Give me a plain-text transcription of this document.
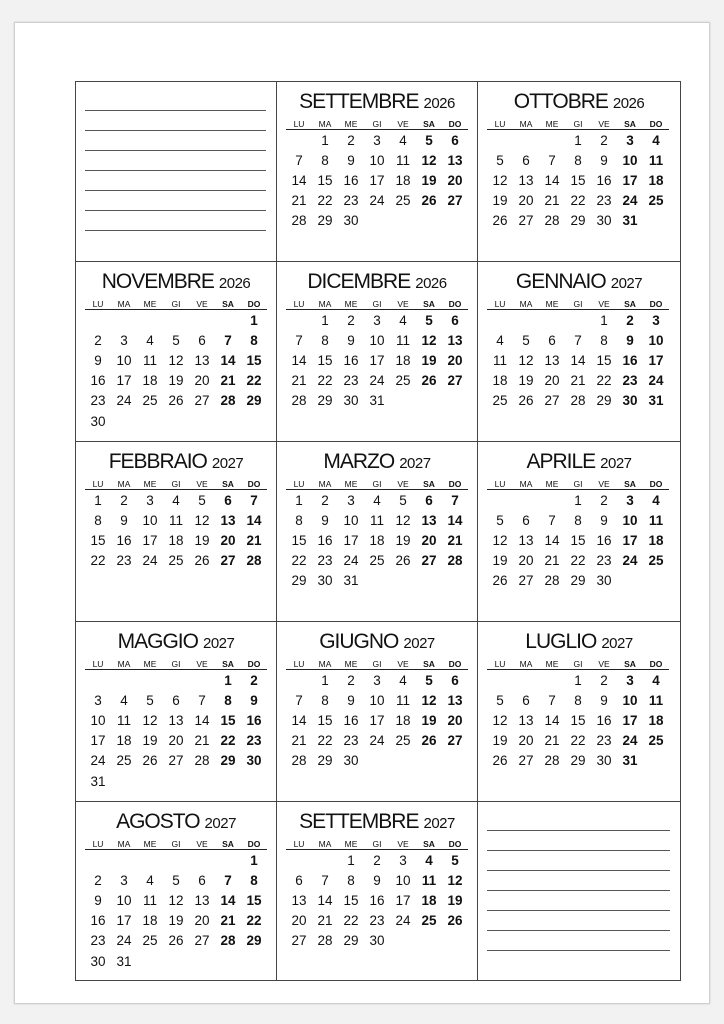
SETTEMBRE 2026
LU	MA	ME	GI	VE	SA	DO
	1	2	3	4	5	6
7	8	9	10	11	12	13
14	15	16	17	18	19	20
21	22	23	24	25	26	27
28	29	30				
OTTOBRE 2026
LU	MA	ME	GI	VE	SA	DO
			1	2	3	4
5	6	7	8	9	10	11
12	13	14	15	16	17	18
19	20	21	22	23	24	25
26	27	28	29	30	31	
NOVEMBRE 2026
LU	MA	ME	GI	VE	SA	DO
						1
2	3	4	5	6	7	8
9	10	11	12	13	14	15
16	17	18	19	20	21	22
23	24	25	26	27	28	29
30						
DICEMBRE 2026
LU	MA	ME	GI	VE	SA	DO
	1	2	3	4	5	6
7	8	9	10	11	12	13
14	15	16	17	18	19	20
21	22	23	24	25	26	27
28	29	30	31			
GENNAIO 2027
LU	MA	ME	GI	VE	SA	DO
				1	2	3
4	5	6	7	8	9	10
11	12	13	14	15	16	17
18	19	20	21	22	23	24
25	26	27	28	29	30	31
FEBBRAIO 2027
LU	MA	ME	GI	VE	SA	DO
1	2	3	4	5	6	7
8	9	10	11	12	13	14
15	16	17	18	19	20	21
22	23	24	25	26	27	28
MARZO 2027
LU	MA	ME	GI	VE	SA	DO
1	2	3	4	5	6	7
8	9	10	11	12	13	14
15	16	17	18	19	20	21
22	23	24	25	26	27	28
29	30	31				
APRILE 2027
LU	MA	ME	GI	VE	SA	DO
			1	2	3	4
5	6	7	8	9	10	11
12	13	14	15	16	17	18
19	20	21	22	23	24	25
26	27	28	29	30		
MAGGIO 2027
LU	MA	ME	GI	VE	SA	DO
					1	2
3	4	5	6	7	8	9
10	11	12	13	14	15	16
17	18	19	20	21	22	23
24	25	26	27	28	29	30
31						
GIUGNO 2027
LU	MA	ME	GI	VE	SA	DO
	1	2	3	4	5	6
7	8	9	10	11	12	13
14	15	16	17	18	19	20
21	22	23	24	25	26	27
28	29	30				
LUGLIO 2027
LU	MA	ME	GI	VE	SA	DO
			1	2	3	4
5	6	7	8	9	10	11
12	13	14	15	16	17	18
19	20	21	22	23	24	25
26	27	28	29	30	31	
AGOSTO 2027
LU	MA	ME	GI	VE	SA	DO
						1
2	3	4	5	6	7	8
9	10	11	12	13	14	15
16	17	18	19	20	21	22
23	24	25	26	27	28	29
30	31					
SETTEMBRE 2027
LU	MA	ME	GI	VE	SA	DO
		1	2	3	4	5
6	7	8	9	10	11	12
13	14	15	16	17	18	19
20	21	22	23	24	25	26
27	28	29	30			
